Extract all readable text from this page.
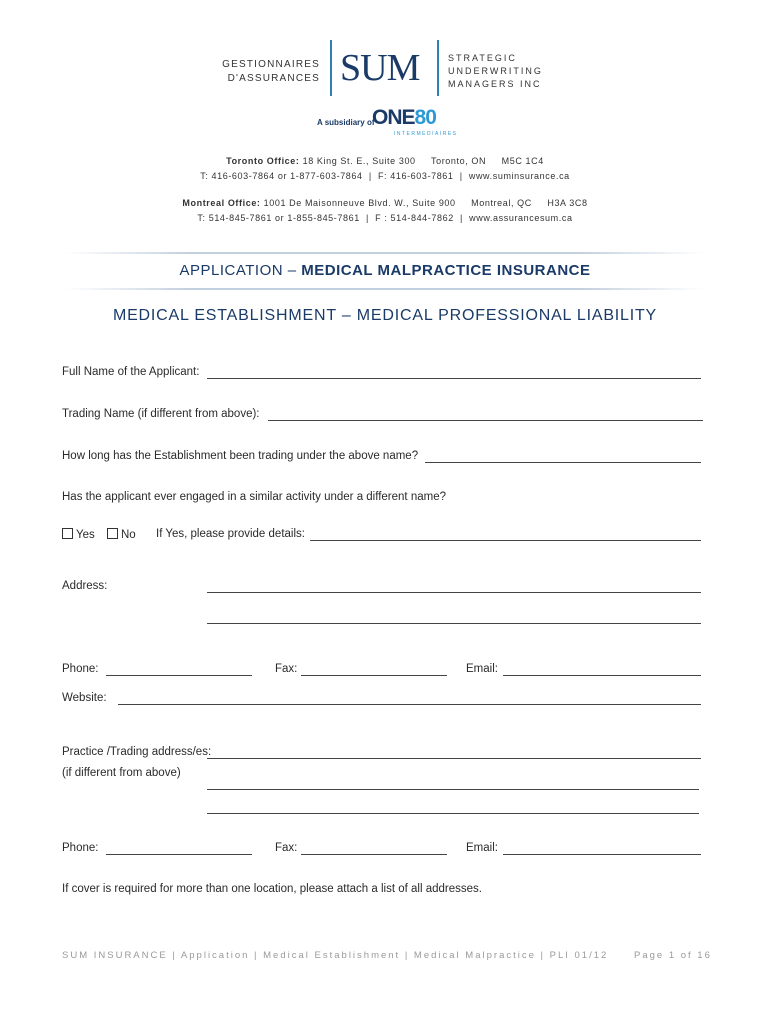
GESTIONNAIRES
D'ASSURANCES SUM	STRATEGIC
UNDERWRITING
MANAGERS INC
A subsidiary of
ONE80
INTERMEDIAIRES
Toronto Office: 18 King St. E., Suite 300     Toronto, ON     M5C 1C4
T: 416-603-7864 or 1-877-603-7864  |  F: 416-603-7861  |  www.suminsurance.ca
Montreal Office: 1001 De Maisonneuve Blvd. W., Suite 900     Montreal, QC     H3A 3C8
T: 514-845-7861 or 1-855-845-7861  |  F : 514-844-7862  |  www.assurancesum.ca
APPLICATION – MEDICAL MALPRACTICE INSURANCE
MEDICAL ESTABLISHMENT – MEDICAL PROFESSIONAL LIABILITY
Full Name of the Applicant:
Trading Name (if different from above):
How long has the Establishment been trading under the above name?
Has the applicant ever engaged in a similar activity under a different name?
Yes	No If Yes, please provide details:
Address:
Phone:	Fax:	Email:
Website:
Practice /Trading address/es:
(if different from above)
Phone:	Fax:	Email:
If cover is required for more than one location, please attach a list of all addresses.
SUM INSURANCE | Application | Medical Establishment | Medical Malpractice | PLI 01/12	Page 1 of 16
